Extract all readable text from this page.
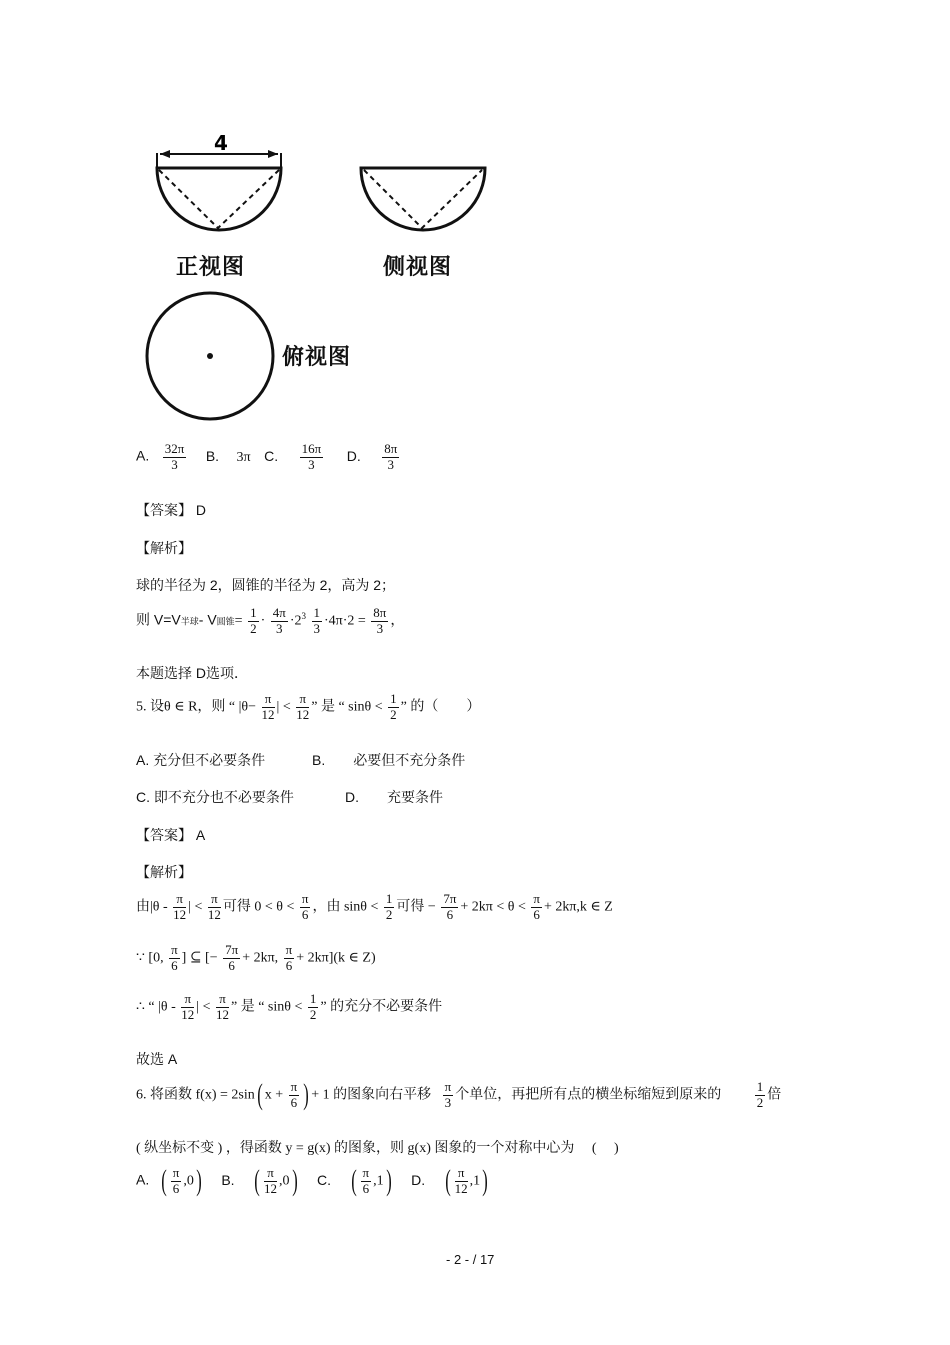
4
正视图	侧视图
俯视图
A. $\frac{32\pi}{3} B$. 3π C. $\frac{16\pi}{3} D$. $\frac{8\pi}{3}$
【答案】 D
【解析】
球的半径为 2，圆锥的半径为 2，高为 2；
则 V=V半球- V圆锥= $\frac{1}{2} \cdot \frac{4\pi}{3} \cdot 2^3 \frac{1}{3} \cdot 4\pi\cdot 2 = \frac{8\pi}{3}$ ，
本题选择 D选项．
5. 设θ ∈ R，则 “ $|\theta- \frac{\pi}{12}$ | < $\frac{\pi}{12}$ ” 是 “ $\sin\theta < \frac{1}{2}$ ” 的（　　）
A. 充分但不必要条件	B.　　必要但不充分条件
C. 即不充分也不必要条件	D.　　充要条件
【答案】 A
【解析】
由$|\theta - \frac{\pi}{12}$ | < $\frac{\pi}{12}$ 可得 $0 < \theta < \frac{\pi}{6}$ ，由 $\sin\theta < \frac{1}{2}$ 可得 − $\frac{7\pi}{6} + 2k\pi < \theta < \frac{\pi}{6} + 2k\pi,k$ ∈ Z
∵ [0, $\frac{\pi}{6}$ ] ⊆ [− $\frac{7\pi}{6} + 2k\pi$, $\frac{\pi}{6} + 2k\pi](k$ ∈ Z)
∴ “ $|\theta - \frac{\pi}{12}$ | < $\frac{\pi}{12}$ ” 是 “ $\sin\theta < \frac{1}{2}$ ” 的充分不必要条件
故选 A
6. 将函数 f(x) = 2sin( $x + \frac{\pi}{6}$ ) + 1 的图象向右平移 $\frac{\pi}{3}$ 个单位，再把所有点的横坐标缩短到原来的	$\frac{1}{2}$ 倍
( 纵坐标不变 ) ，得函数 y = g(x) 的图象，则 g(x) 图象的一个对称中心为 　(　 )
A. ( $\frac{\pi}{6} ,0$) B. ( $\frac{\pi}{12} ,0$) C. ( $\frac{\pi}{6} ,1$) D. ( $\frac{\pi}{12} ,1$)
- 2 - / 17
